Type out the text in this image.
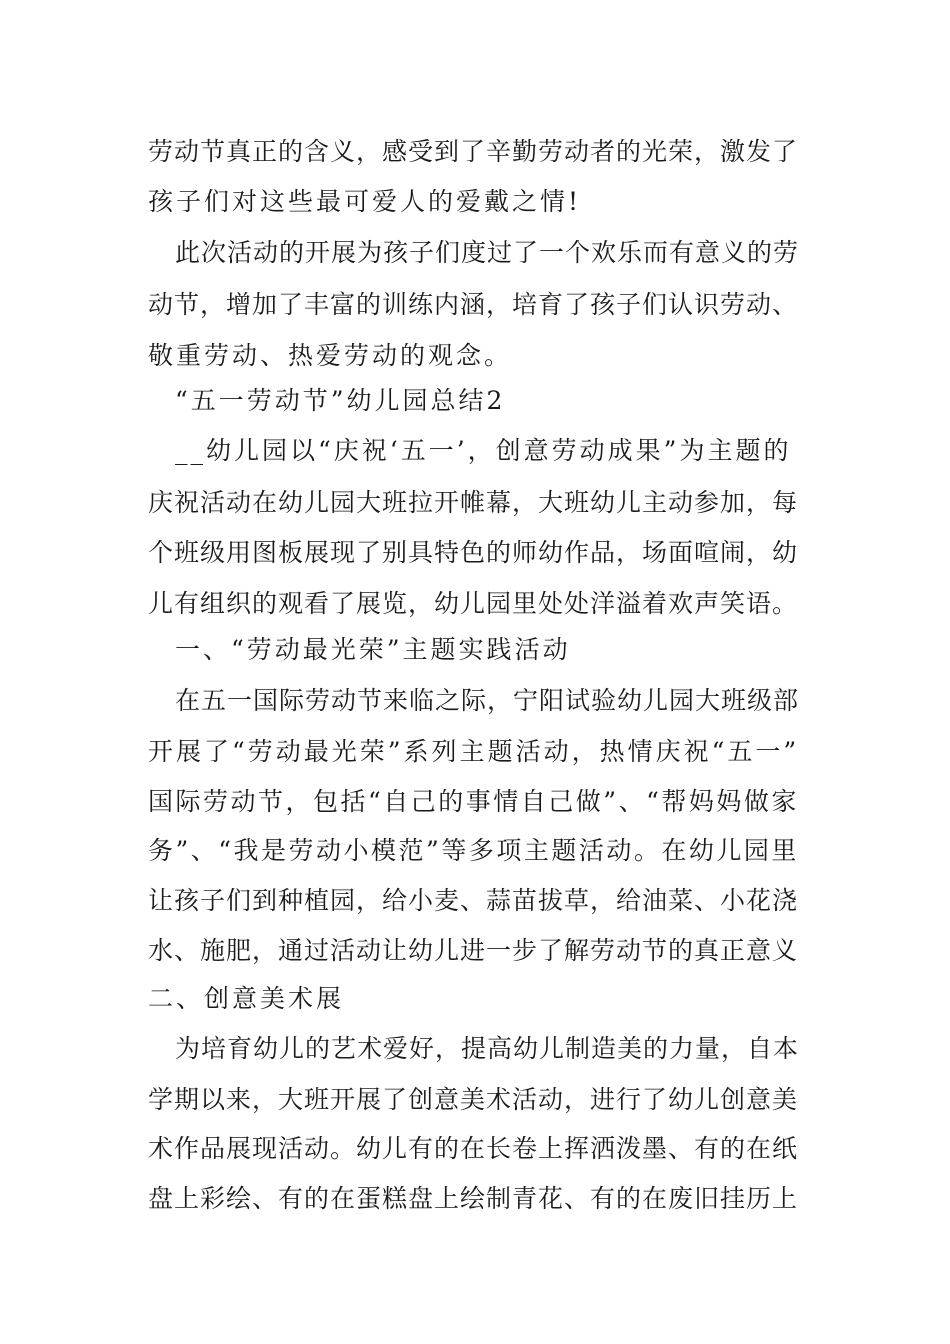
劳动节真正的含义，感受到了辛勤劳动者的光荣，激发了
孩子们对这些最可爱人的爱戴之情!
此次活动的开展为孩子们度过了一个欢乐而有意义的劳
动节，增加了丰富的训练内涵，培育了孩子们认识劳动、
敬重劳动、热爱劳动的观念。
“五一劳动节”幼儿园总结2
__幼儿园以“庆祝‘五一’，创意劳动成果”为主题的
庆祝活动在幼儿园大班拉开帷幕，大班幼儿主动参加，每
个班级用图板展现了别具特色的师幼作品，场面喧闹，幼
儿有组织的观看了展览，幼儿园里处处洋溢着欢声笑语。
一、“劳动最光荣”主题实践活动
在五一国际劳动节来临之际，宁阳试验幼儿园大班级部
开展了“劳动最光荣”系列主题活动，热情庆祝“五一”
国际劳动节，包括“自己的事情自己做”、“帮妈妈做家
务”、“我是劳动小模范”等多项主题活动。在幼儿园里
让孩子们到种植园，给小麦、蒜苗拔草，给油菜、小花浇
水、施肥，通过活动让幼儿进一步了解劳动节的真正意义
二、创意美术展
为培育幼儿的艺术爱好，提高幼儿制造美的力量，自本
学期以来，大班开展了创意美术活动，进行了幼儿创意美
术作品展现活动。幼儿有的在长卷上挥洒泼墨、有的在纸
盘上彩绘、有的在蛋糕盘上绘制青花、有的在废旧挂历上
